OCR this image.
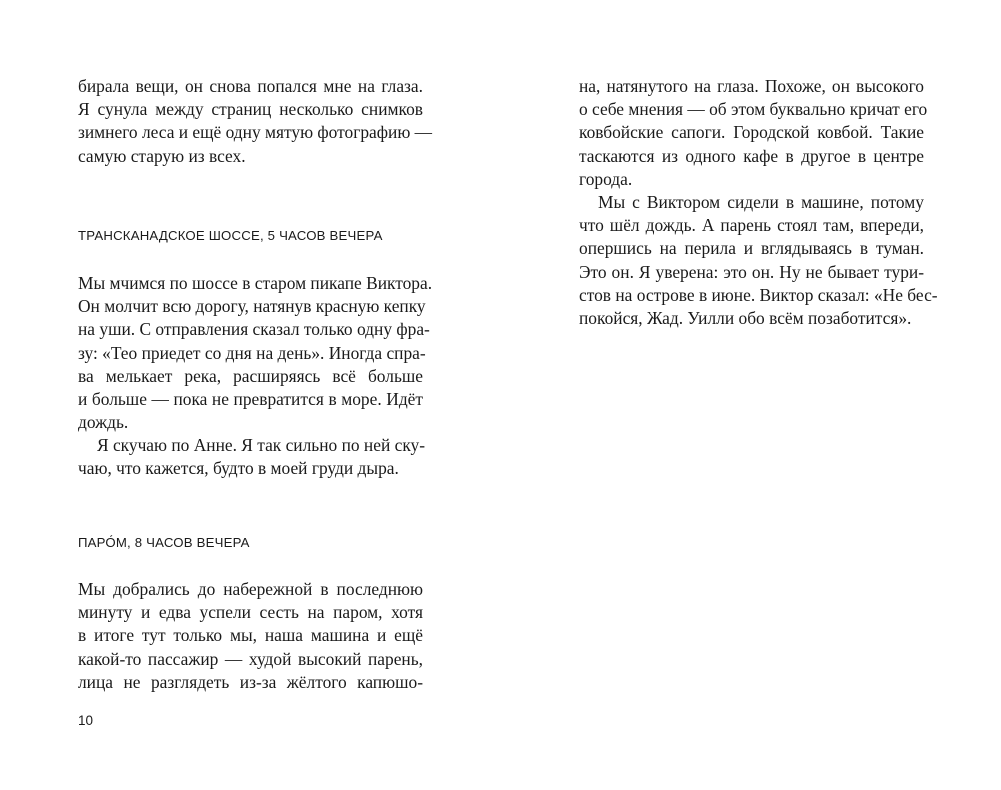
бирала вещи, он снова попался мне на глаза.
Я сунула между страниц несколько снимков
зимнего леса и ещё одну мятую фотографию —
самую старую из всех.
ТРАНСКАНАДСКОЕ ШОССЕ, 5 ЧАСОВ ВЕЧЕРА
Мы мчимся по шоссе в старом пикапе Виктора.
Он молчит всю дорогу, натянув красную кепку
на уши. С отправления сказал только одну фра-
зу: «Тео приедет со дня на день». Иногда спра-
ва мелькает река, расширяясь всё больше
и больше — пока не превратится в море. Идёт
дождь.
Я скучаю по Анне. Я так сильно по ней ску-
чаю, что кажется, будто в моей груди дыра.
ПАРО́М, 8 ЧАСОВ ВЕЧЕРА
Мы добрались до набережной в последнюю
минуту и едва успели сесть на паром, хотя
в итоге тут только мы, наша машина и ещё
какой-то пассажир — худой высокий парень,
лица не разглядеть из-за жёлтого капюшо-
10
на, натянутого на глаза. Похоже, он высокого
о себе мнения — об этом буквально кричат его
ковбойские сапоги. Городской ковбой. Такие
таскаются из одного кафе в другое в центре
города.
Мы с Виктором сидели в машине, потому
что шёл дождь. А парень стоял там, впереди,
опершись на перила и вглядываясь в туман.
Это он. Я уверена: это он. Ну не бывает тури-
стов на острове в июне. Виктор сказал: «Не бес-
покойся, Жад. Уилли обо всём позаботится».
